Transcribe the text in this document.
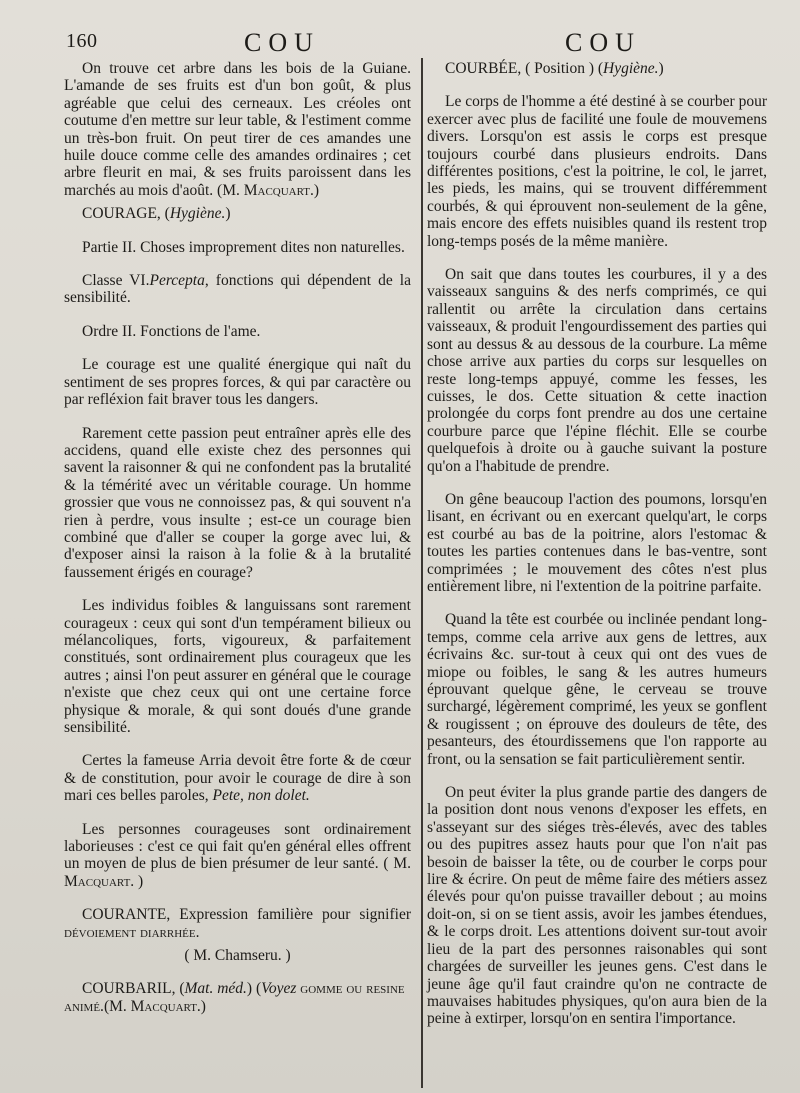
160	COU	COU

On trouve cet arbre dans les bois de la Guiane. L'amande de ses fruits est d'un bon goût, & plus agréable que celui des cerneaux. Les créoles ont coutume d'en mettre sur leur table, & l'estiment comme un très-bon fruit. On peut tirer de ces amandes une huile douce comme celle des amandes ordinaires ; cet arbre fleurit en mai, & ses fruits paroissent dans les marchés au mois d'août. (M. Macquart.)

COURAGE, (Hygiène.)

Partie II. Choses improprement dites non naturelles.

Classe VI.Percepta, fonctions qui dépendent de la sensibilité.

Ordre II. Fonctions de l'ame.

Le courage est une qualité énergique qui naît du sentiment de ses propres forces, & qui par caractère ou par refléxion fait braver tous les dangers.

Rarement cette passion peut entraîner après elle des accidens, quand elle existe chez des personnes qui savent la raisonner & qui ne confondent pas la brutalité & la témérité avec un véritable courage. Un homme grossier que vous ne connoissez pas, & qui souvent n'a rien à perdre, vous insulte ; est-ce un courage bien combiné que d'aller se couper la gorge avec lui, & d'exposer ainsi la raison à la folie & à la brutalité faussement érigés en courage?

Les individus foibles & languissans sont rarement courageux : ceux qui sont d'un tempérament bilieux ou mélancoliques, forts, vigoureux, & parfaitement constitués, sont ordinairement plus courageux que les autres ; ainsi l'on peut assurer en général que le courage n'existe que chez ceux qui ont une certaine force physique & morale, & qui sont doués d'une grande sensibilité.

Certes la fameuse Arria devoit être forte & de cœur & de constitution, pour avoir le courage de dire à son mari ces belles paroles, Pete, non dolet.

Les personnes courageuses sont ordinairement laborieuses : c'est ce qui fait qu'en général elles offrent un moyen de plus de bien présumer de leur santé. ( M. Macquart. )

COURANTE, Expression familière pour signifier dévoiement diarrhée.

( M. Chamseru. )

COURBARIL, (Mat. méd.) (Voyez gomme ou resine animé.(M. Macquart.)

COURBÉE, ( Position ) (Hygiène.)

Le corps de l'homme a été destiné à se courber pour exercer avec plus de facilité une foule de mouvemens divers. Lorsqu'on est assis le corps est presque toujours courbé dans plusieurs endroits. Dans différentes positions, c'est la poitrine, le col, le jarret, les pieds, les mains, qui se trouvent différemment courbés, & qui éprouvent non-seulement de la gêne, mais encore des effets nuisibles quand ils restent trop long-temps posés de la même manière.

On sait que dans toutes les courbures, il y a des vaisseaux sanguins & des nerfs comprimés, ce qui rallentit ou arrête la circulation dans certains vaisseaux, & produit l'engourdissement des parties qui sont au dessus & au dessous de la courbure. La même chose arrive aux parties du corps sur lesquelles on reste long-temps appuyé, comme les fesses, les cuisses, le dos. Cette situation & cette inaction prolongée du corps font prendre au dos une certaine courbure parce que l'épine fléchit. Elle se courbe quelquefois à droite ou à gauche suivant la posture qu'on a l'habitude de prendre.

On gêne beaucoup l'action des poumons, lorsqu'en lisant, en écrivant ou en exercant quelqu'art, le corps est courbé au bas de la poitrine, alors l'estomac & toutes les parties contenues dans le bas-ventre, sont comprimées ; le mouvement des côtes n'est plus entièrement libre, ni l'extention de la poitrine parfaite.

Quand la tête est courbée ou inclinée pendant long-temps, comme cela arrive aux gens de lettres, aux écrivains &c. sur-tout à ceux qui ont des vues de miope ou foibles, le sang & les autres humeurs éprouvant quelque gêne, le cerveau se trouve surchargé, légèrement comprimé, les yeux se gonflent & rougissent ; on éprouve des douleurs de tête, des pesanteurs, des étourdissemens que l'on rapporte au front, ou la sensation se fait particulièrement sentir.

On peut éviter la plus grande partie des dangers de la position dont nous venons d'exposer les effets, en s'asseyant sur des siéges très-élevés, avec des tables ou des pupitres assez hauts pour que l'on n'ait pas besoin de baisser la tête, ou de courber le corps pour lire & écrire. On peut de même faire des métiers assez élevés pour qu'on puisse travailler debout ; au moins doit-on, si on se tient assis, avoir les jambes étendues, & le corps droit. Les attentions doivent sur-tout avoir lieu de la part des personnes raisonables qui sont chargées de surveiller les jeunes gens. C'est dans le jeune âge qu'il faut craindre qu'on ne contracte de mauvaises habitudes physiques, qu'on aura bien de la peine à extirper, lorsqu'on en sentira l'importance.
